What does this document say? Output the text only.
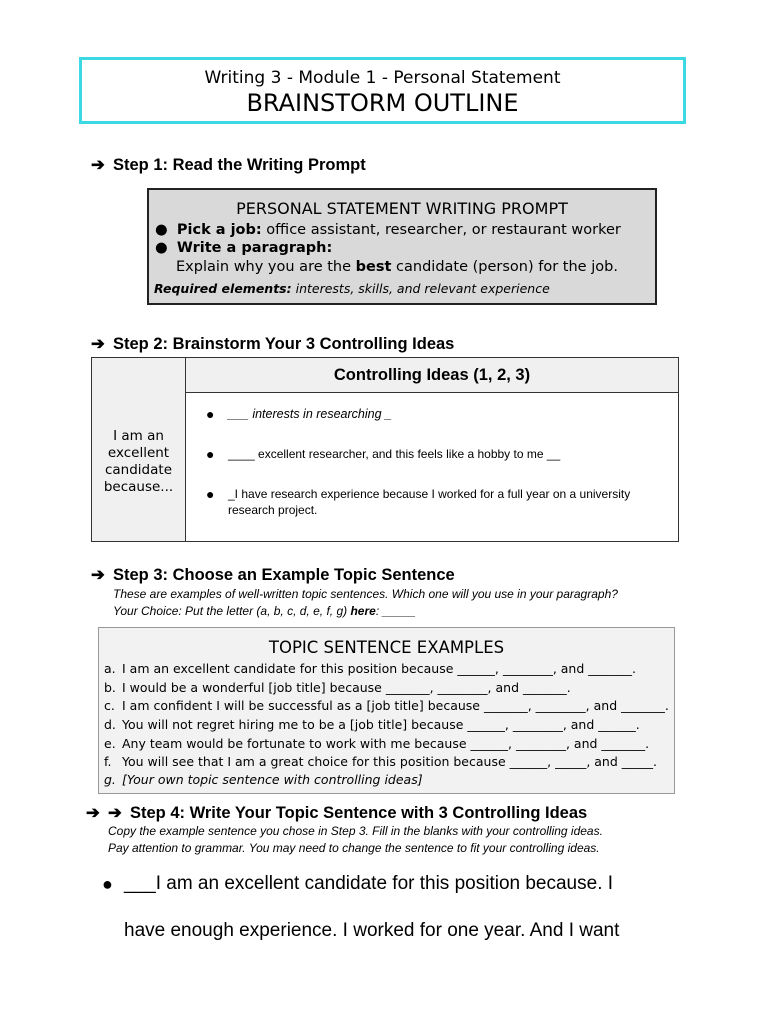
Writing 3 - Module 1 - Personal Statement
BRAINSTORM OUTLINE
➔ Step 1: Read the Writing Prompt
PERSONAL STATEMENT WRITING PROMPT
● Pick a job: office assistant, researcher, or restaurant worker
● Write a paragraph:
Explain why you are the best candidate (person) for the job.
Required elements: interests, skills, and relevant experience
➔ Step 2: Brainstorm Your 3 Controlling Ideas
I am an excellent candidate because...
Controlling Ideas (1, 2, 3)
● ___ interests in researching _
● ____ excellent researcher, and this feels like a hobby to me __
● _I have research experience because I worked for a full year on a university research project.
➔ Step 3: Choose an Example Topic Sentence
These are examples of well-written topic sentences. Which one will you use in your paragraph?
Your Choice: Put the letter (a, b, c, d, e, f, g) here: _____
TOPIC SENTENCE EXAMPLES
a. I am an excellent candidate for this position because ______, ________, and _______.
b. I would be a wonderful [job title] because _______, ________, and _______.
c. I am confident I will be successful as a [job title] because _______, ________, and _______.
d. You will not regret hiring me to be a [job title] because ______, ________, and ______.
e. Any team would be fortunate to work with me because ______, ________, and _______.
f. You will see that I am a great choice for this position because ______, _____, and _____.
g. [Your own topic sentence with controlling ideas]
➔ ➔ Step 4: Write Your Topic Sentence with 3 Controlling Ideas
Copy the example sentence you chose in Step 3. Fill in the blanks with your controlling ideas.
Pay attention to grammar. You may need to change the sentence to fit your controlling ideas.
● ___I am an excellent candidate for this position because. I
have enough experience. I worked for one year. And I want
